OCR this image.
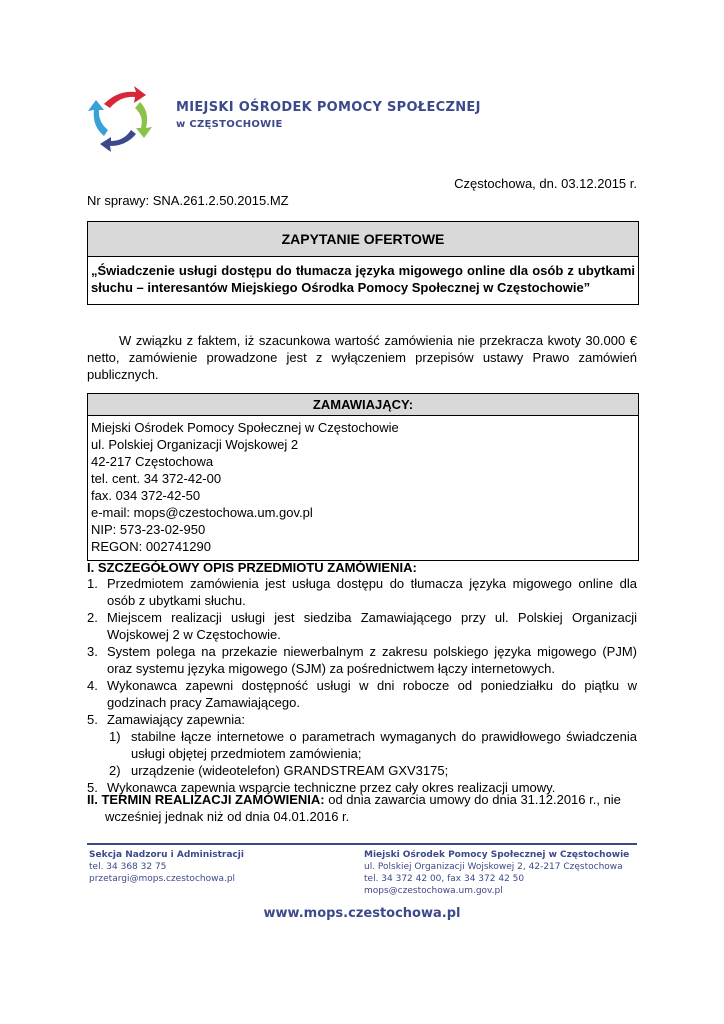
MIEJSKI OŚRODEK POMOCY SPOŁECZNEJ
w CZĘSTOCHOWIE
Częstochowa, dn. 03.12.2015 r.
Nr sprawy: SNA.261.2.50.2015.MZ
ZAPYTANIE OFERTOWE
„Świadczenie usługi dostępu do tłumacza języka migowego online dla osób z ubytkami słuchu – interesantów Miejskiego Ośrodka Pomocy Społecznej w Częstochowie”
W związku z faktem, iż szacunkowa wartość zamówienia nie przekracza kwoty 30.000 € netto, zamówienie prowadzone jest z wyłączeniem przepisów ustawy Prawo zamówień publicznych.
ZAMAWIAJĄCY:
Miejski Ośrodek Pomocy Społecznej w Częstochowie
ul. Polskiej Organizacji Wojskowej 2
42-217 Częstochowa
tel. cent. 34 372-42-00
fax. 034 372-42-50
e-mail: mops@czestochowa.um.gov.pl
NIP: 573-23-02-950
REGON: 002741290
I. SZCZEGÓŁOWY OPIS PRZEDMIOTU ZAMÓWIENIA:
1. Przedmiotem zamówienia jest usługa dostępu do tłumacza języka migowego online dla osób z ubytkami słuchu.
2. Miejscem realizacji usługi jest siedziba Zamawiającego przy ul. Polskiej Organizacji Wojskowej 2 w Częstochowie.
3. System polega na przekazie niewerbalnym z zakresu polskiego języka migowego (PJM) oraz systemu języka migowego (SJM) za pośrednictwem łączy internetowych.
4. Wykonawca zapewni dostępność usługi w dni robocze od poniedziałku do piątku w godzinach pracy Zamawiającego.
5. Zamawiający zapewnia:
1) stabilne łącze internetowe o parametrach wymaganych do prawidłowego świadczenia usługi objętej przedmiotem zamówienia;
2) urządzenie (wideotelefon) GRANDSTREAM GXV3175;
5. Wykonawca zapewnia wsparcie techniczne przez cały okres realizacji umowy.
II. TERMIN REALIZACJI ZAMÓWIENIA: od dnia zawarcia umowy do dnia 31.12.2016 r., nie
wcześniej jednak niż od dnia 04.01.2016 r.
Sekcja Nadzoru i Administracji
tel. 34 368 32 75
przetargi@mops.czestochowa.pl
Miejski Ośrodek Pomocy Społecznej w Częstochowie
ul. Polskiej Organizacji Wojskowej 2, 42-217 Częstochowa
tel. 34 372 42 00, fax 34 372 42 50
mops@czestochowa.um.gov.pl
www.mops.czestochowa.pl
